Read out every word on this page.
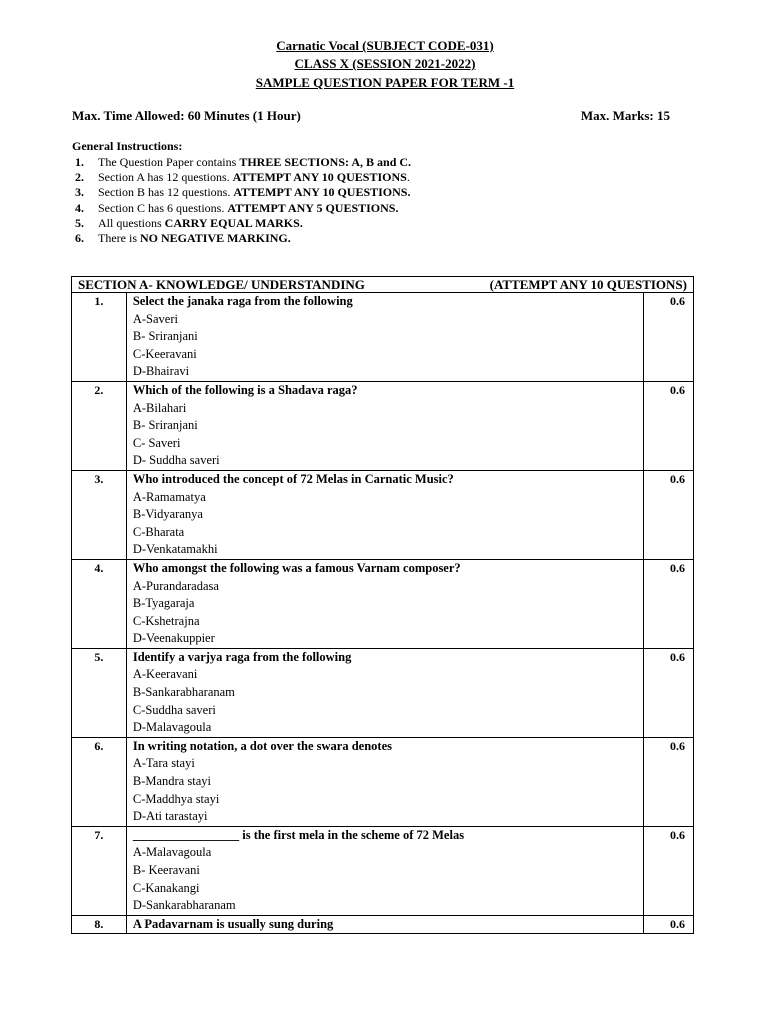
Carnatic Vocal (SUBJECT CODE-031)
CLASS X (SESSION 2021-2022)
SAMPLE QUESTION PAPER FOR TERM -1
Max. Time Allowed: 60 Minutes (1 Hour)	Max. Marks: 15
General Instructions:
1. The Question Paper contains THREE SECTIONS: A, B and C.
2. Section A has 12 questions. ATTEMPT ANY 10 QUESTIONS.
3. Section B has 12 questions. ATTEMPT ANY 10 QUESTIONS.
4. Section C has 6 questions. ATTEMPT ANY 5 QUESTIONS.
5. All questions CARRY EQUAL MARKS.
6. There is NO NEGATIVE MARKING.
SECTION A- KNOWLEDGE/ UNDERSTANDING (ATTEMPT ANY 10 QUESTIONS)		

1.	Select the janaka raga from the following
A-Saveri
B- Sriranjani
C-Keeravani
D-Bhairavi	0.6

2.	Which of the following is a Shadava raga?
A-Bilahari
B- Sriranjani
C- Saveri
D- Suddha saveri	0.6

3.	Who introduced the concept of 72 Melas in Carnatic Music?
A-Ramamatya
B-Vidyaranya
C-Bharata
D-Venkatamakhi	0.6

4.	Who amongst the following was a famous Varnam composer?
A-Purandaradasa
B-Tyagaraja
C-Kshetrajna
D-Veenakuppier	0.6

5.	Identify a varjya raga from the following
A-Keeravani
B-Sankarabharanam
C-Suddha saveri
D-Malavagoula	0.6

6.	In writing notation, a dot over the swara denotes
A-Tara stayi
B-Mandra stayi
C-Maddhya stayi
D-Ati tarastayi	0.6

7.	_________________ is the first mela in the scheme of 72 Melas
A-Malavagoula
B- Keeravani
C-Kanakangi
D-Sankarabharanam	0.6

8.	A Padavarnam is usually sung during	0.6
